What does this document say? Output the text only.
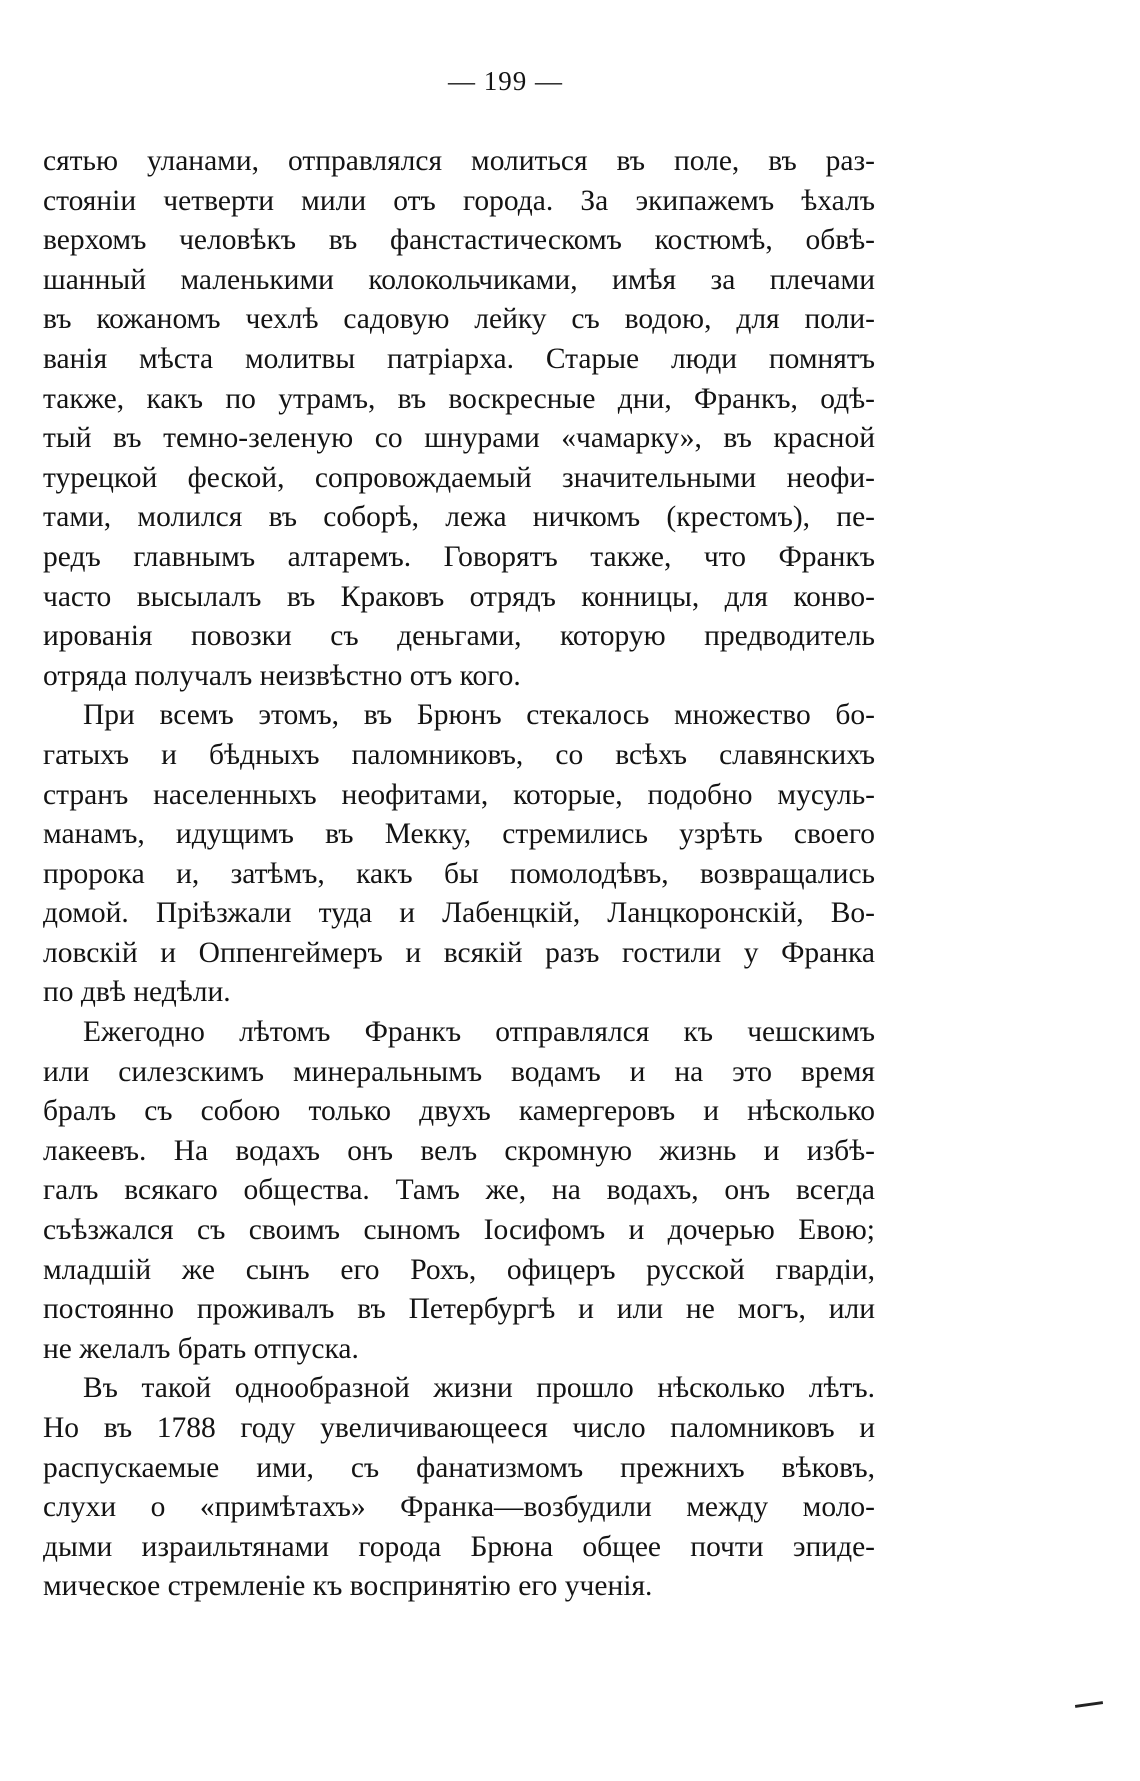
— 199 —
сятью уланами, отправлялся молиться въ поле, въ раз-
стояніи четверти мили отъ города. За экипажемъ ѣхалъ
верхомъ человѣкъ въ фанстастическомъ костюмѣ, обвѣ-
шанный маленькими колокольчиками, имѣя за плечами
въ кожаномъ чехлѣ садовую лейку съ водою, для поли-
ванія мѣста молитвы патріарха. Старые люди помнятъ
также, какъ по утрамъ, въ воскресные дни, Франкъ, одѣ-
тый въ темно-зеленую со шнурами «чамарку», въ красной
турецкой феской, сопровождаемый значительными неофи-
тами, молился въ соборѣ, лежа ничкомъ (крестомъ), пе-
редъ главнымъ алтаремъ. Говорятъ также, что Франкъ
часто высылалъ въ Краковъ отрядъ конницы, для конво-
ированія повозки съ деньгами, которую предводитель
отряда получалъ неизвѣстно отъ кого.
При всемъ этомъ, въ Брюнъ стекалось множество бо-
гатыхъ и бѣдныхъ паломниковъ, со всѣхъ славянскихъ
странъ населенныхъ неофитами, которые, подобно мусуль-
манамъ, идущимъ въ Мекку, стремились узрѣть своего
пророка и, затѣмъ, какъ бы помолодѣвъ, возвращались
домой. Пріѣзжали туда и Лабенцкій, Ланцкоронскій, Во-
ловскій и Оппенгеймеръ и всякій разъ гостили у Франка
по двѣ недѣли.
Ежегодно лѣтомъ Франкъ отправлялся къ чешскимъ
или силезскимъ минеральнымъ водамъ и на это время
бралъ съ собою только двухъ камергеровъ и нѣсколько
лакеевъ. На водахъ онъ велъ скромную жизнь и избѣ-
галъ всякаго общества. Тамъ же, на водахъ, онъ всегда
съѣзжался съ своимъ сыномъ Іосифомъ и дочерью Евою;
младшій же сынъ его Рохъ, офицеръ русской гвардіи,
постоянно проживалъ въ Петербургѣ и или не могъ, или
не желалъ брать отпуска.
Въ такой однообразной жизни прошло нѣсколько лѣтъ.
Но въ 1788 году увеличивающееся число паломниковъ и
распускаемые ими, съ фанатизмомъ прежнихъ вѣковъ,
слухи о «примѣтахъ» Франка—возбудили между моло-
дыми израильтянами города Брюна общее почти эпиде-
мическое стремленіе къ воспринятію его ученія.
